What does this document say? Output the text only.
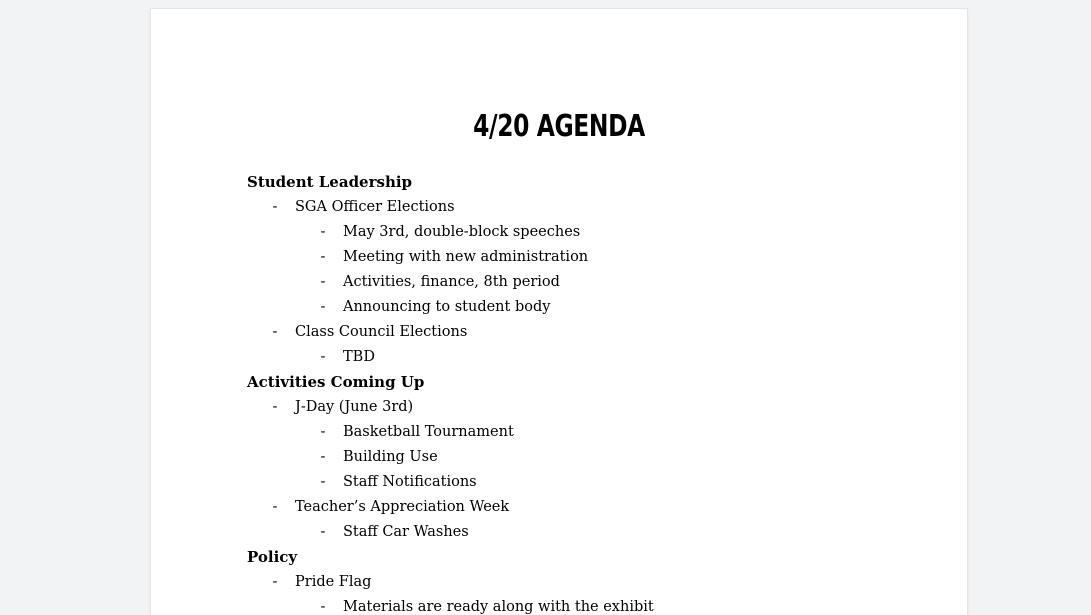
4/20 AGENDA
Student Leadership
- SGA Officer Elections
- May 3rd, double-block speeches
- Meeting with new administration
- Activities, finance, 8th period
- Announcing to student body
- Class Council Elections
- TBD
Activities Coming Up
- J-Day (June 3rd)
- Basketball Tournament
- Building Use
- Staff Notifications
- Teacher’s Appreciation Week
- Staff Car Washes
Policy
- Pride Flag
- Materials are ready along with the exhibit
